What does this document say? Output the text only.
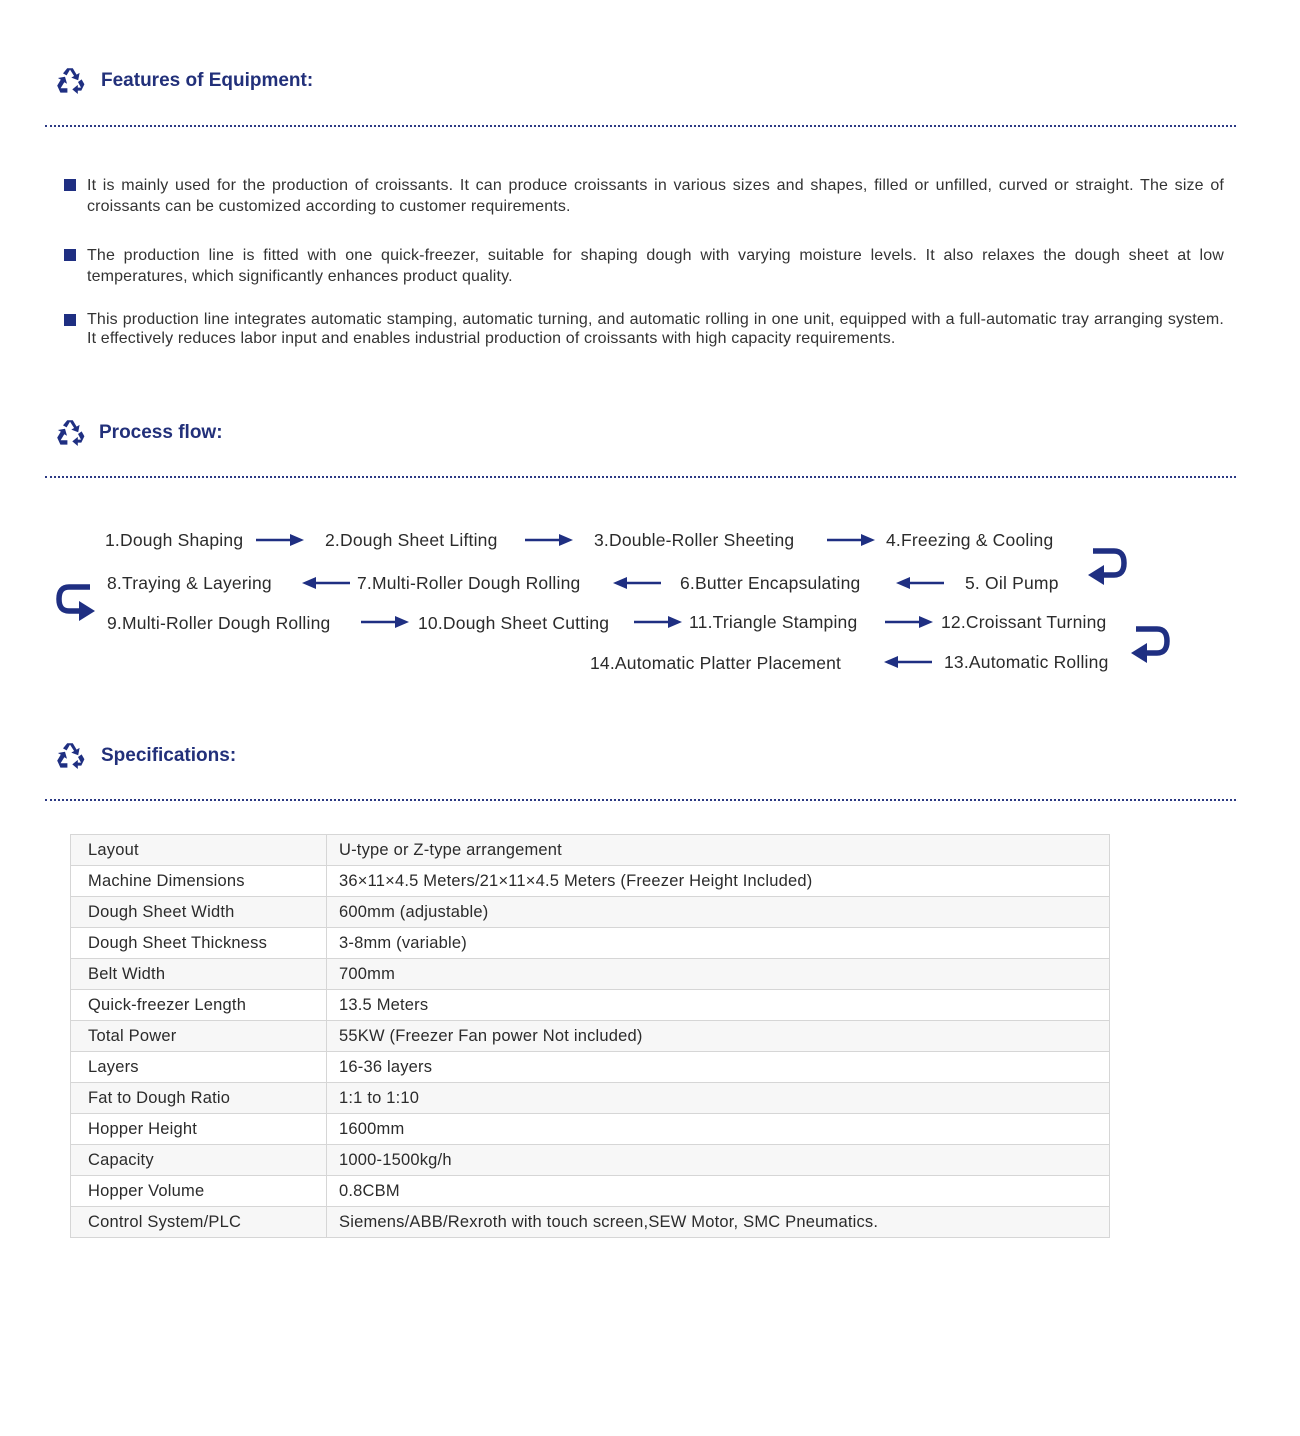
Features of Equipment:
It is mainly used for the production of croissants. It can produce croissants in various sizes and shapes, filled or unfilled, curved or straight. The size of croissants can be customized according to customer requirements.
The production line is fitted with one quick-freezer, suitable for shaping dough with varying moisture levels. It also relaxes the dough sheet at low temperatures, which significantly enhances product quality.
This production line integrates automatic stamping, automatic turning, and automatic rolling in one unit, equipped with a full-automatic tray arranging system. It effectively reduces labor input and enables industrial production of croissants with high capacity requirements.
Process flow:
1.Dough Shaping	2.Dough Sheet Lifting	3.Double-Roller Sheeting	4.Freezing & Cooling
8.Traying & Layering	7.Multi-Roller Dough Rolling	6.Butter Encapsulating	5. Oil Pump
9.Multi-Roller Dough Rolling	10.Dough Sheet Cutting	11.Triangle Stamping	12.Croissant Turning
14.Automatic Platter Placement	13.Automatic Rolling
Specifications:
Layout	U-type or Z-type arrangement
Machine Dimensions	36×11×4.5 Meters/21×11×4.5 Meters (Freezer Height Included)
Dough Sheet Width	600mm (adjustable)
Dough Sheet Thickness	3-8mm (variable)
Belt Width	700mm
Quick-freezer Length	13.5 Meters
Total Power	55KW (Freezer Fan power Not included)
Layers	16-36 layers
Fat to Dough Ratio	1:1 to 1:10
Hopper Height	1600mm
Capacity	1000-1500kg/h
Hopper Volume	0.8CBM
Control System/PLC	Siemens/ABB/Rexroth with touch screen,SEW Motor, SMC Pneumatics.
